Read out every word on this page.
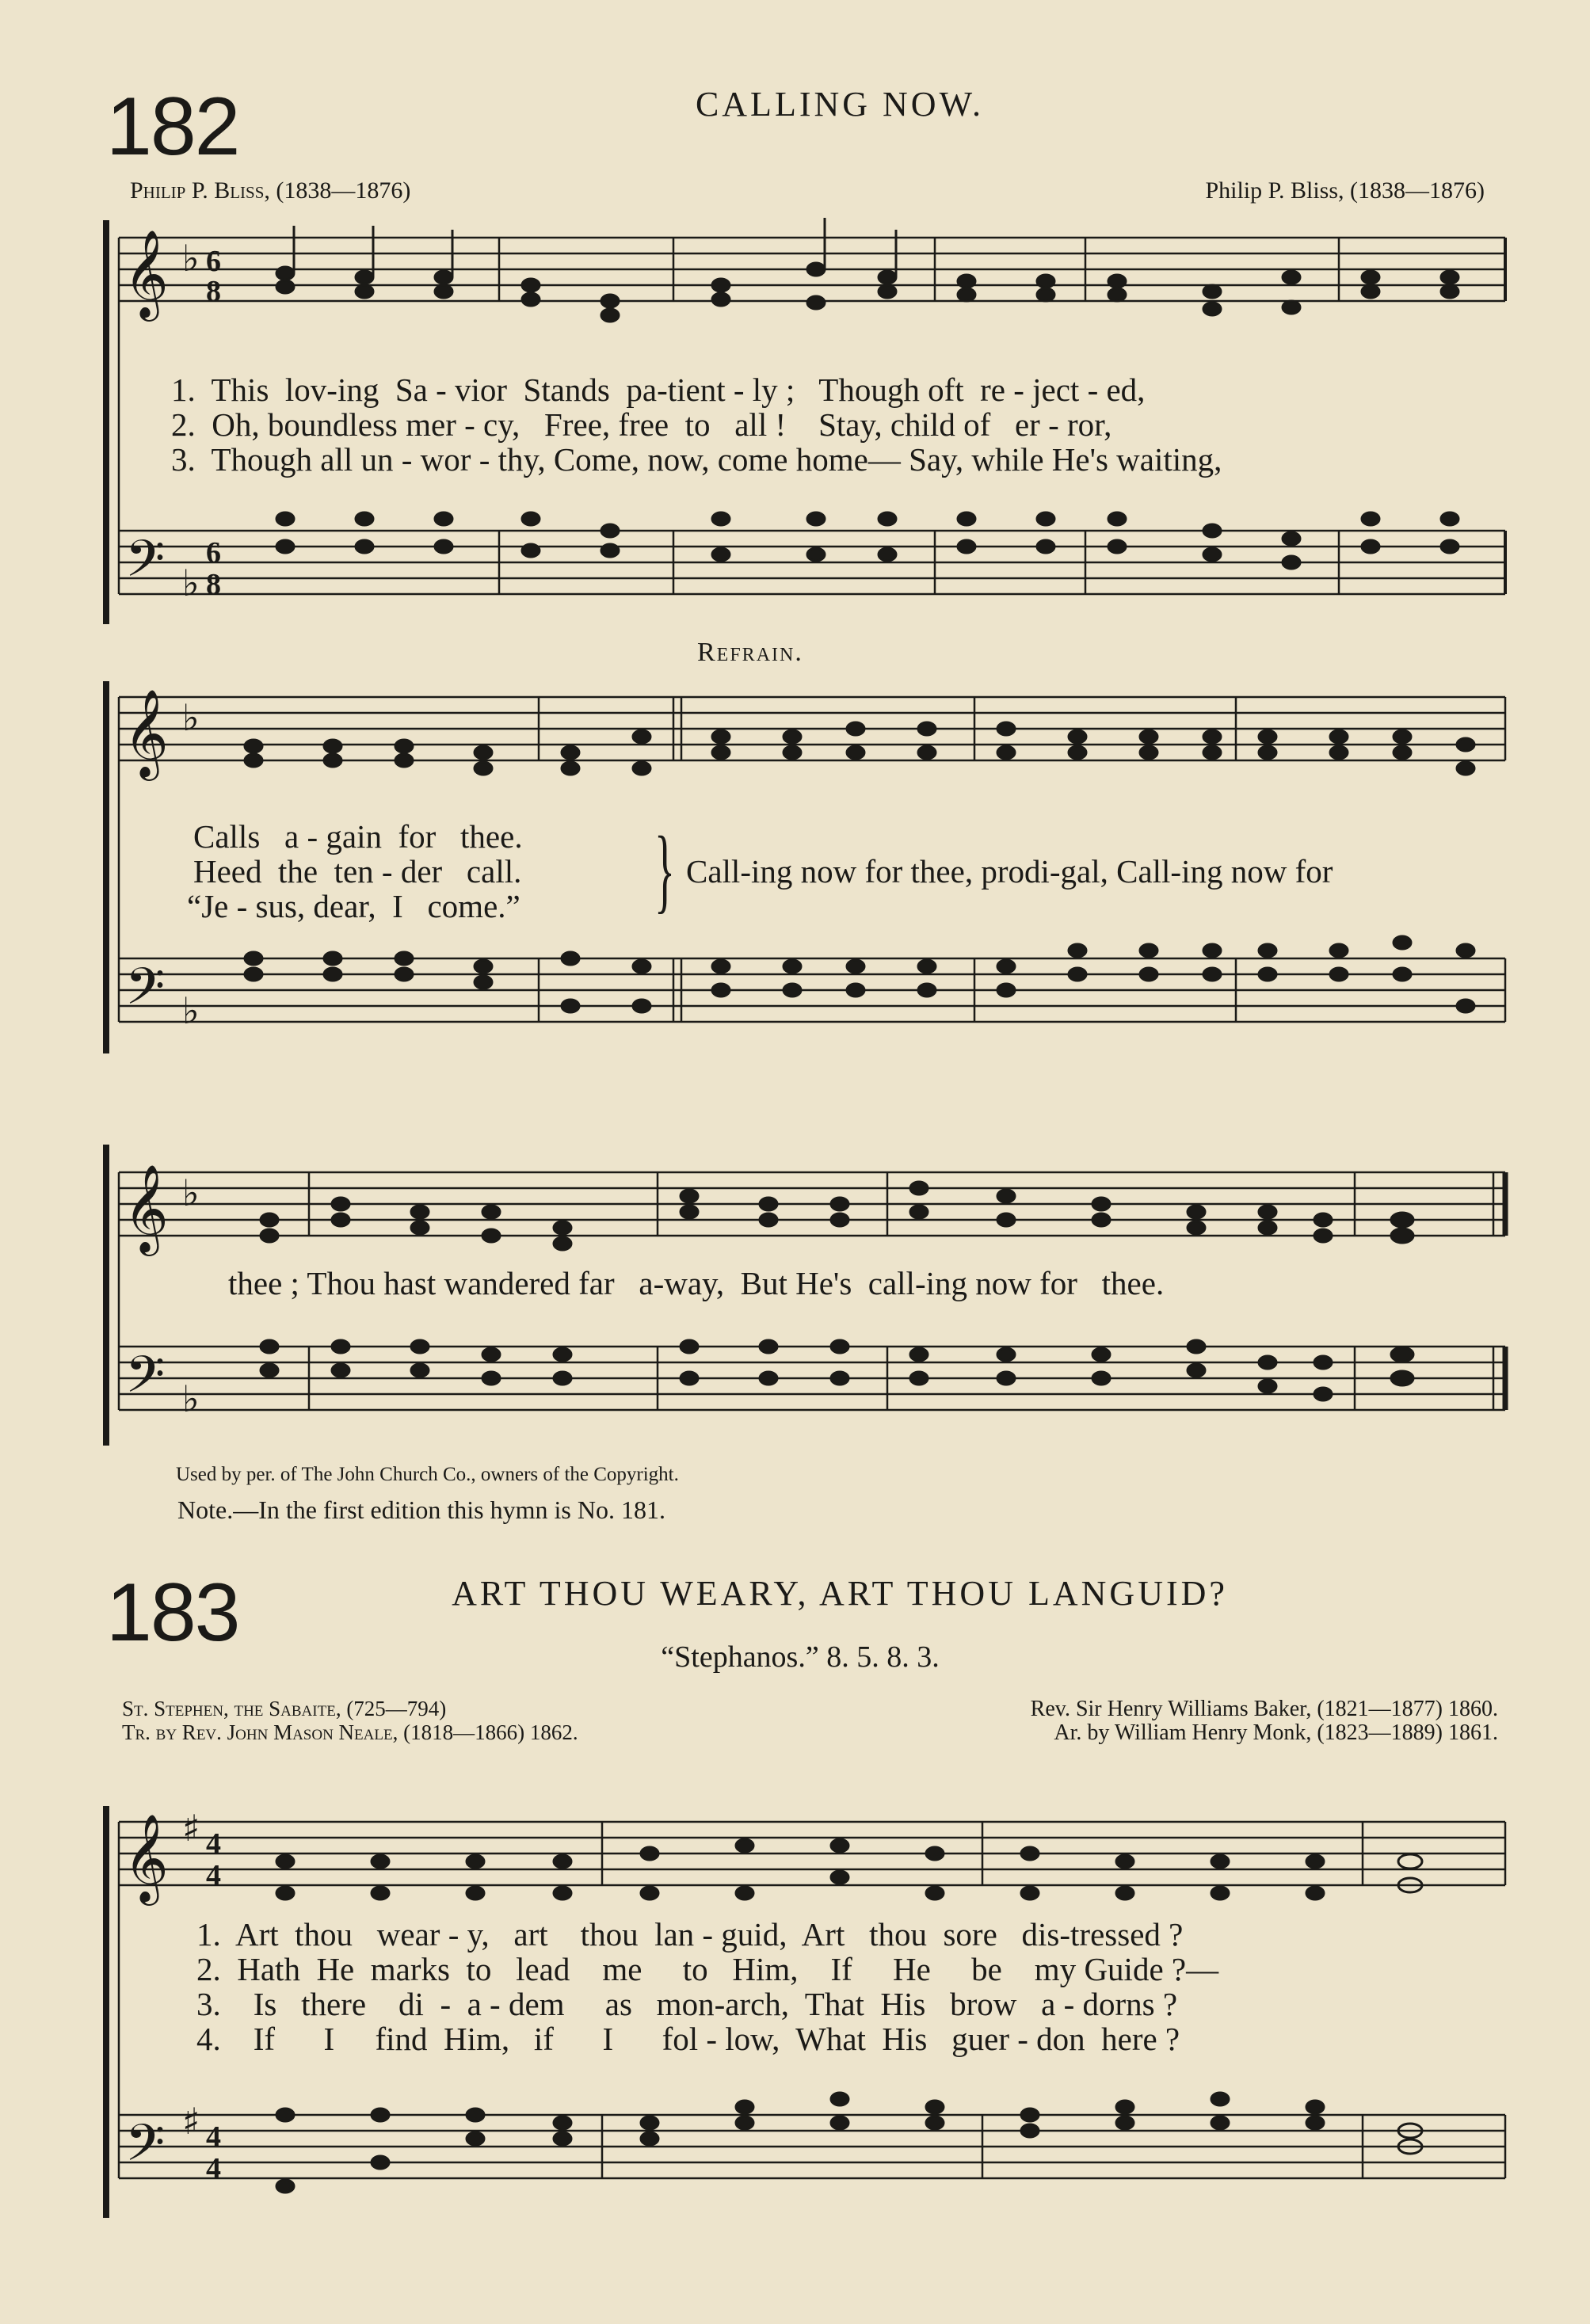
182	CALLING NOW.
Philip P. Bliss, (1838—1876)	Philip P. Bliss, (1838—1876)
𝄞 ♭ 6
8
𝄢 ♭
6
8
1.  This  lov-ing  Sa - vior  Stands  pa-tient - ly ;   Though oft  re - ject - ed,
2.  Oh, boundless mer - cy,   Free, free  to   all !    Stay, child of   er - ror,
3.  Though all un - wor - thy, Come, now, come home— Say, while He's waiting,
Refrain.
𝄞 ♭
𝄢 ♭
Calls   a - gain  for   thee.
Heed  the  ten - der   call.
“Je - sus, dear,  I   come.” } Call-ing now for thee, prodi-gal, Call-ing now for
𝄞 ♭
𝄢 ♭
thee ; Thou hast wandered far   a-way,  But He's  call-ing now for   thee.
Used by per. of The John Church Co., owners of the Copyright.
Note.—In the first edition this hymn is No. 181.
183	ART THOU WEARY, ART THOU LANGUID?
“Stephanos.” 8. 5. 8. 3.
St. Stephen, the Sabaite, (725—794)
Tr. by Rev. John Mason Neale, (1818—1866) 1862.
Rev. Sir Henry Williams Baker, (1821—1877) 1860.
Ar. by William Henry Monk, (1823—1889) 1861.
𝄞 ♯ 4
4
𝄢 ♯ 4
4
1.  Art  thou   wear - y,   art    thou  lan - guid,  Art   thou  sore   dis-tressed ?
2.  Hath  He  marks  to   lead    me     to   Him,    If     He     be    my Guide ?—
3.    Is   there    di  -  a - dem     as   mon-arch,  That  His   brow   a - dorns ?
4.    If      I     find  Him,   if      I      fol - low,  What  His   guer - don  here ?
